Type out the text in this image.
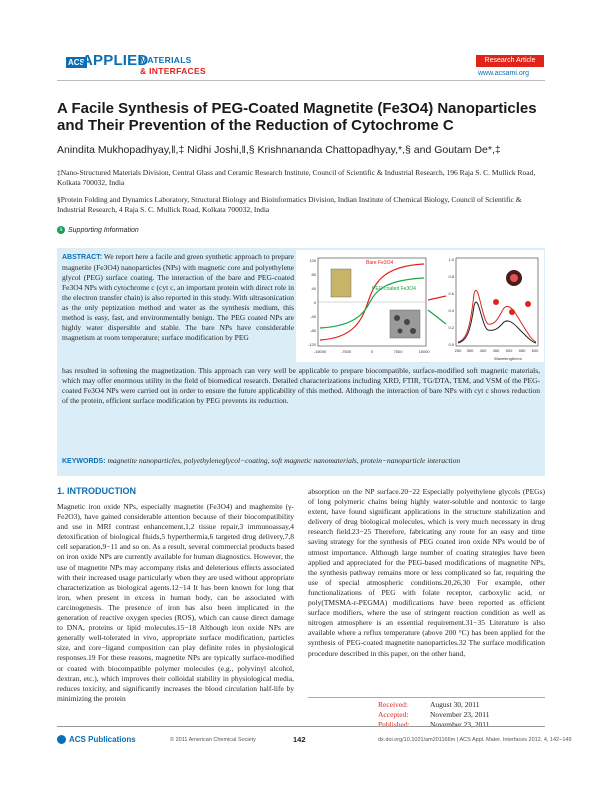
ACS
APPLIED
MATERIALS
& INTERFACES
Research Article
www.acsami.org
A Facile Synthesis of PEG-Coated Magnetite (Fe3O4) Nanoparticles and Their Prevention of the Reduction of Cytochrome C
Anindita Mukhopadhyay,‖,‡ Nidhi Joshi,‖,§ Krishnananda Chattopadhyay,*,§ and Goutam De*,‡
‡Nano-Structured Materials Division, Central Glass and Ceramic Research Institute, Council of Scientific & Industrial Research, 196 Raja S. C. Mullick Road, Kolkata 700032, India
§Protein Folding and Dynamics Laboratory, Structural Biology and Bioinformatics Division, Indian Institute of Chemical Biology, Council of Scientific & Industrial Research, 4 Raja S. C. Mullick Road, Kolkata 700032, India
s Supporting Information
ABSTRACT: We report here a facile and green synthetic approach to prepare magnetite (Fe3O4) nanoparticles (NPs) with magnetic core and polyethylene glycol (PEG) surface coating. The interaction of the bare and PEG-coated Fe3O4 NPs with cytochrome c (cyt c, an important protein with direct role in the electron transfer chain) is also reported in this study. With ultrasonication as the only peptization method and water as the synthesis medium, this method is easy, fast, and environmentally benign. The PEG coated NPs are highly water dispersible and stable. The bare NPs have considerable magnetism at room temperature; surface modification by PEG
has resulted in softening the magnetization. This approach can very well be applicable to prepare biocompatible, surface-modified soft magnetic materials, which may offer enormous utility in the field of biomedical research. Detailed characterizations including XRD, FTIR, TG/DTA, TEM, and VSM of the PEG-coated Fe3O4 NPs were carried out in order to ensure the future applicability of this method. Although the interaction of bare NPs with cyt c shows reduction of the protein, efficient surface modification by PEG prevents its reduction.
KEYWORDS: magnetite nanoparticles, polyethyleneglycol−coating, soft magnetic nanomaterials, protein−nanoparticle interaction
Bare Fe3O4
PEG-coated Fe3O4
120
80
40
0
-40
-80
-120
-15000	-7500	0	7500	15000	250 350 400 450 500 550 600
Wavelength/nm
0.0
0.2
0.4
0.6
0.8
1.0
1. INTRODUCTION
Magnetic iron oxide NPs, especially magnetite (Fe3O4) and maghemite (γ-Fe2O3), have gained considerable attention because of their biocompatibility and use in MRI contrast enhancement,1,2 tissue repair,3 immunoassay,4 detoxification of biological fluids,5 hyperthermia,6 targeted drug delivery,7,8 cell separation,9−11 and so on. As a result, several commercial products based on iron oxide NPs are currently available for human diagnostics. However, the use of magnetite NPs may accompany risks and deleterious effects associated with their increased usage particularly when they are used without appropriate characterization as biological agents.12−14 It has been known for long that iron, when present in excess in human body, can be associated with carcinogenesis. The presence of iron has also been implicated in the generation of reactive oxygen species (ROS), which can cause direct damage to DNA, proteins or lipid molecules.15−18 Although iron oxide NPs are generally well-tolerated in vivo, appropriate surface modification, particles size, and core−ligand composition can play definite roles in physiological responses.19 For these reasons, magnetite NPs are typically surface-modified or coated with biocompatible polymer molecules (e.g., polyvinyl alcohol, dextran, etc.), which improves their colloidal stability in physiological media, reduces toxicity, and significantly increases the blood circulation half-life by minimizing the protein
absorption on the NP surface.20−22 Especially polyethylene glycols (PEGs) of long polymeric chains being highly water-soluble and nontoxic to large extent, have found significant applications in the structure stabilization and delivery of drug biological molecules, which is very much necessary in drug research field.23−25 Therefore, fabricating any route for an easy and time saving strategy for the synthesis of PEG coated iron oxide NPs would be of utmost importance. Although large number of coating strategies have been applied and appreciated for the PEG-based modifications of magnetite NPs, the synthesis pathway remains more or less complicated so far, requiring the use of special atmospheric conditions.20,26,30 For example, other functionalizations of PEG with folate receptor, carboxylic acid, or poly(TMSMA-r-PEGMA) modifications have been reported as efficient surface modifiers, where the use of stringent reaction condition as well as nitrogen atmosphere is an essential requirement.31−35 Literature is also available where a reflux temperature (above 200 °C) has been applied for the synthesis of PEG-coated magnetite nanoparticles.32 The surface modification procedure described in this paper, on the other hand,
Received:	August 30, 2011
Accepted:	November 23, 2011
Published:	November 23, 2011
ACS Publications	© 2011 American Chemical Society	142	dx.doi.org/10.1021/am201166m | ACS Appl. Mater. Interfaces 2012, 4, 142−149
